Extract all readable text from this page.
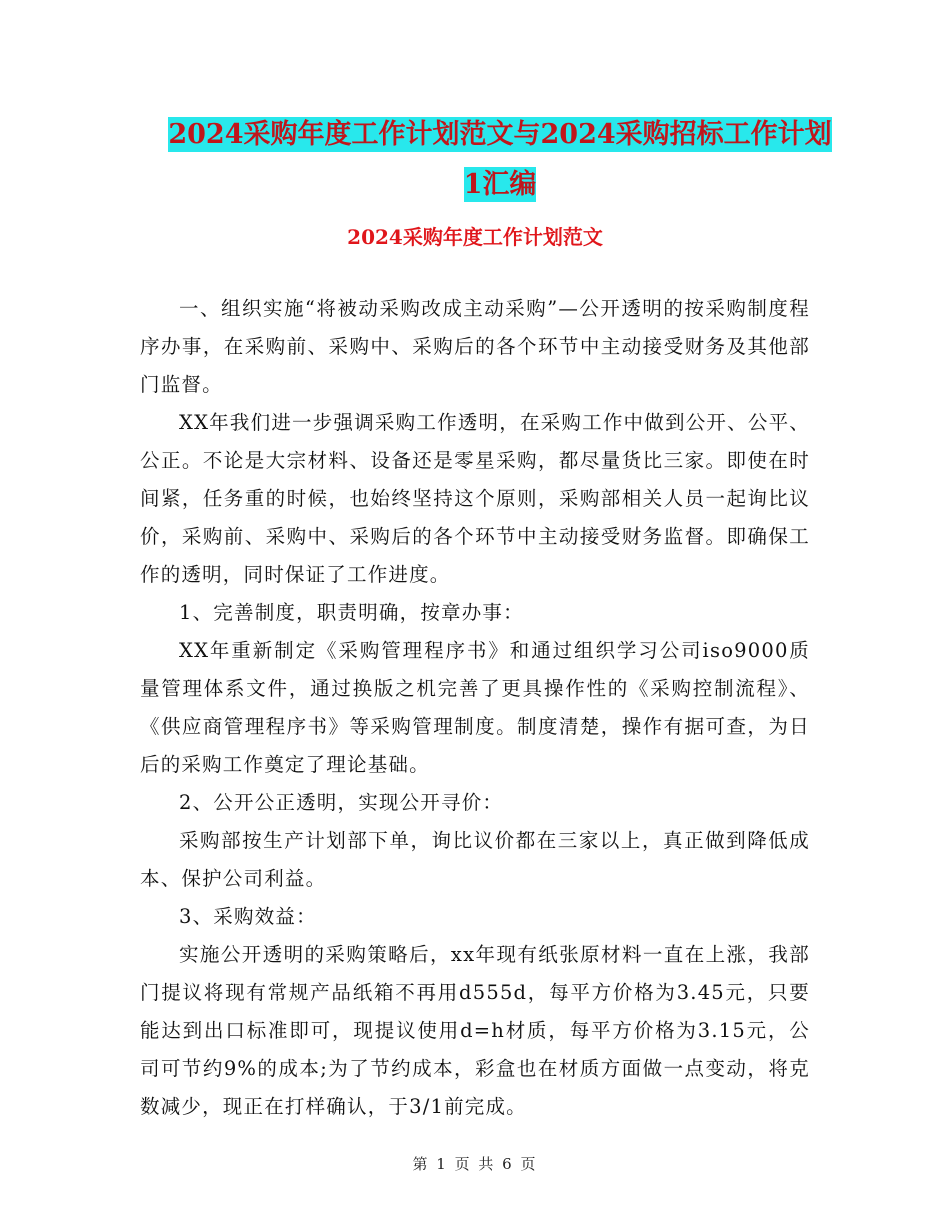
2024采购年度工作计划范文与2024采购招标工作计划
1汇编
2024采购年度工作计划范文

一、组织实施“将被动采购改成主动采购”—公开透明的按采购制度程序办事，在采购前、采购中、采购后的各个环节中主动接受财务及其他部门监督。

XX年我们进一步强调采购工作透明，在采购工作中做到公开、公平、公正。不论是大宗材料、设备还是零星采购，都尽量货比三家。即使在时间紧，任务重的时候，也始终坚持这个原则，采购部相关人员一起询比议价，采购前、采购中、采购后的各个环节中主动接受财务监督。即确保工作的透明，同时保证了工作进度。

1、完善制度，职责明确，按章办事：

XX年重新制定《采购管理程序书》和通过组织学习公司iso9000质量管理体系文件，通过换版之机完善了更具操作性的《采购控制流程》、《供应商管理程序书》等采购管理制度。制度清楚，操作有据可查，为日后的采购工作奠定了理论基础。

2、公开公正透明，实现公开寻价：

采购部按生产计划部下单，询比议价都在三家以上，真正做到降低成本、保护公司利益。

3、采购效益：

实施公开透明的采购策略后，xx年现有纸张原材料一直在上涨，我部门提议将现有常规产品纸箱不再用d555d，每平方价格为3.45元，只要能达到出口标准即可，现提议使用d=h材质，每平方价格为3.15元，公司可节约9%的成本;为了节约成本，彩盒也在材质方面做一点变动，将克数减少，现正在打样确认，于3/1前完成。

第 1 页 共 6 页
